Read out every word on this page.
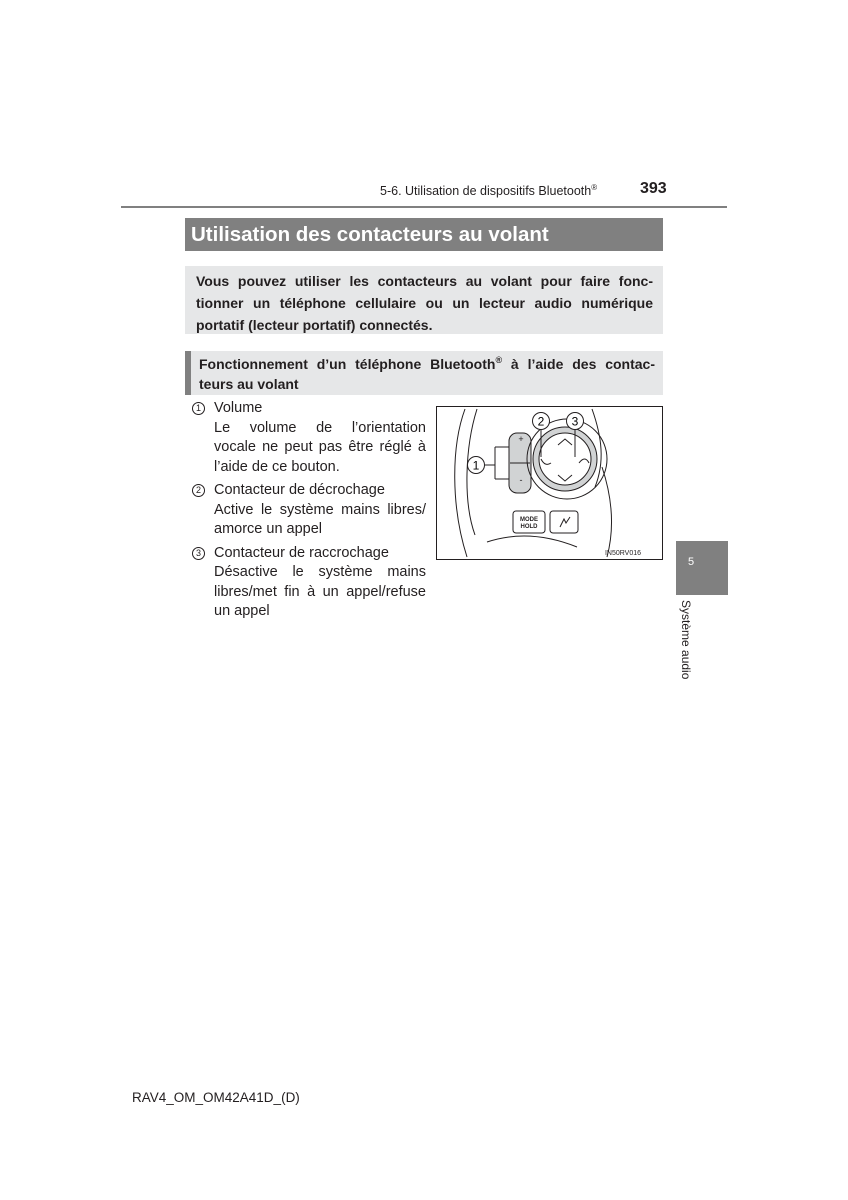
5-6. Utilisation de dispositifs Bluetooth®	393
Utilisation des contacteurs au volant
Vous pouvez utiliser les contacteurs au volant pour faire fonc-
tionner un téléphone cellulaire ou un lecteur audio numérique
portatif (lecteur portatif) connectés.
Fonctionnement d’un téléphone Bluetooth® à l’aide des contac-
teurs au volant
1 Volume
Le volume de l’orientation
vocale ne peut pas être réglé à
l’aide de ce bouton.
2 Contacteur de décrochage
Active le système mains libres/
amorce un appel
3 Contacteur de raccrochage
Désactive le système mains
libres/met fin à un appel/refuse
un appel
+
-
MODE
HOLD
IN50RV016
1
2 3
5
Système audio
RAV4_OM_OM42A41D_(D)
